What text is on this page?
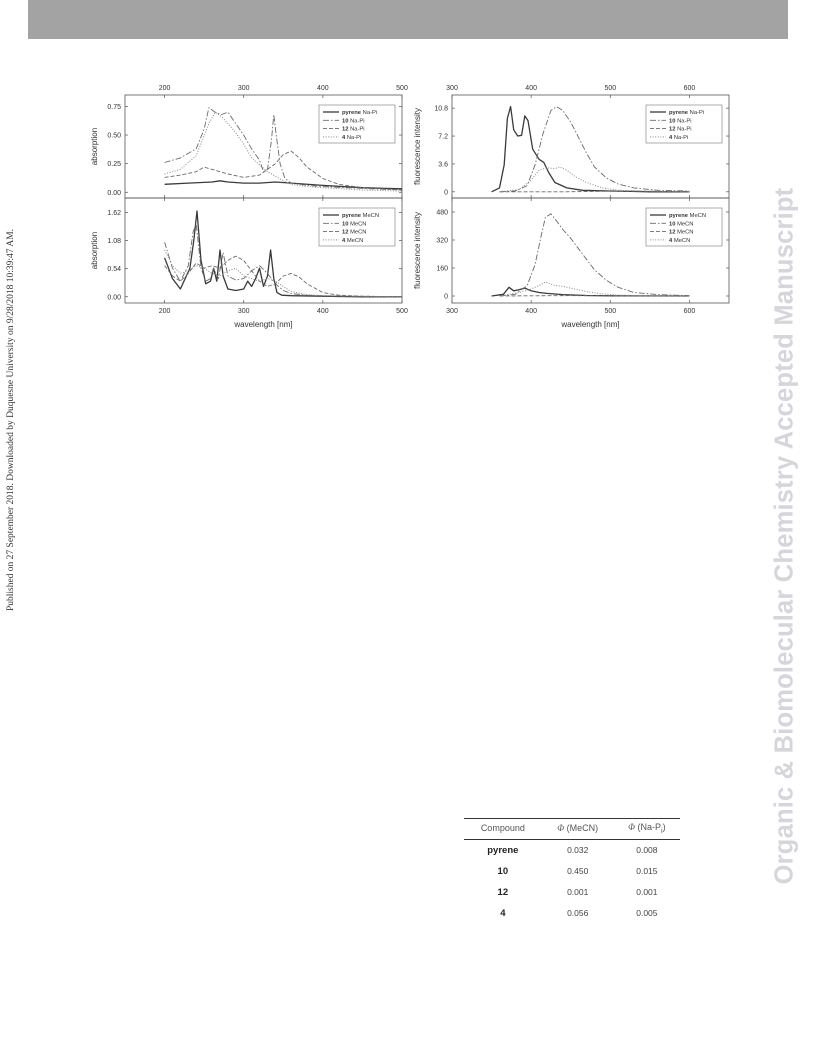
Published on 27 September 2018. Downloaded by Duquesne University on 9/28/2018 10:39:47 AM.	Organic & Biomolecular Chemistry Accepted Manuscript
200	300	400	500
0.00
0.25
0.50
0.75
absorption
pyrene Na-Pi
10 Na-Pi
12 Na-Pi
4 Na-Pi
200	300	400	500
0.00
0.54
1.08
1.62
absorption
wavelength [nm]
pyrene MeCN
10 MeCN
12 MeCN
4 MeCN
300	400	500	600
0
3.6
7.2
10.8
fluorescence intensity	pyrene Na-Pi
10 Na-Pi
12 Na-Pi
4 Na-Pi
300	400	500	600
0
160
320
480
fluorescence intensity
wavelength [nm]
pyrene MeCN
10 MeCN
12 MeCN
4 MeCN
Compound	Φ (MeCN)	Φ $(Na-P_i)$
pyrene	0.032	0.008
10	0.450	0.015
12	0.001	0.001
4	0.056	0.005
